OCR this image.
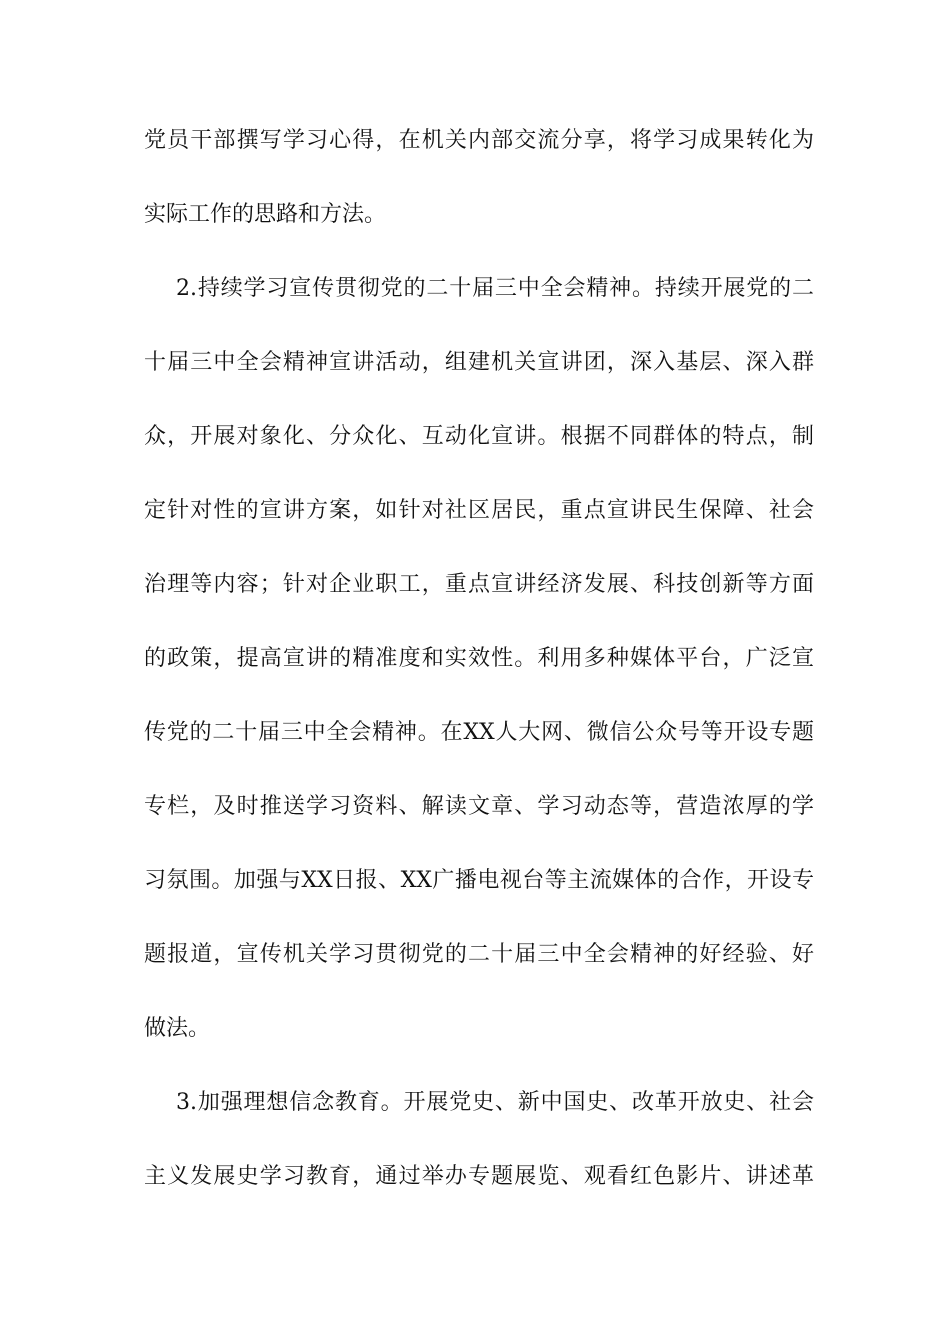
党员干部撰写学习心得，在机关内部交流分享，将学习成果转化为
实际工作的思路和方法。
2.持续学习宣传贯彻党的二十届三中全会精神。持续开展党的二
十届三中全会精神宣讲活动，组建机关宣讲团，深入基层、深入群
众，开展对象化、分众化、互动化宣讲。根据不同群体的特点，制
定针对性的宣讲方案，如针对社区居民，重点宣讲民生保障、社会
治理等内容；针对企业职工，重点宣讲经济发展、科技创新等方面
的政策，提高宣讲的精准度和实效性。利用多种媒体平台，广泛宣
传党的二十届三中全会精神。在XX人大网、微信公众号等开设专题
专栏，及时推送学习资料、解读文章、学习动态等，营造浓厚的学
习氛围。加强与XX日报、XX广播电视台等主流媒体的合作，开设专
题报道，宣传机关学习贯彻党的二十届三中全会精神的好经验、好
做法。
3.加强理想信念教育。开展党史、新中国史、改革开放史、社会
主义发展史学习教育，通过举办专题展览、观看红色影片、讲述革
